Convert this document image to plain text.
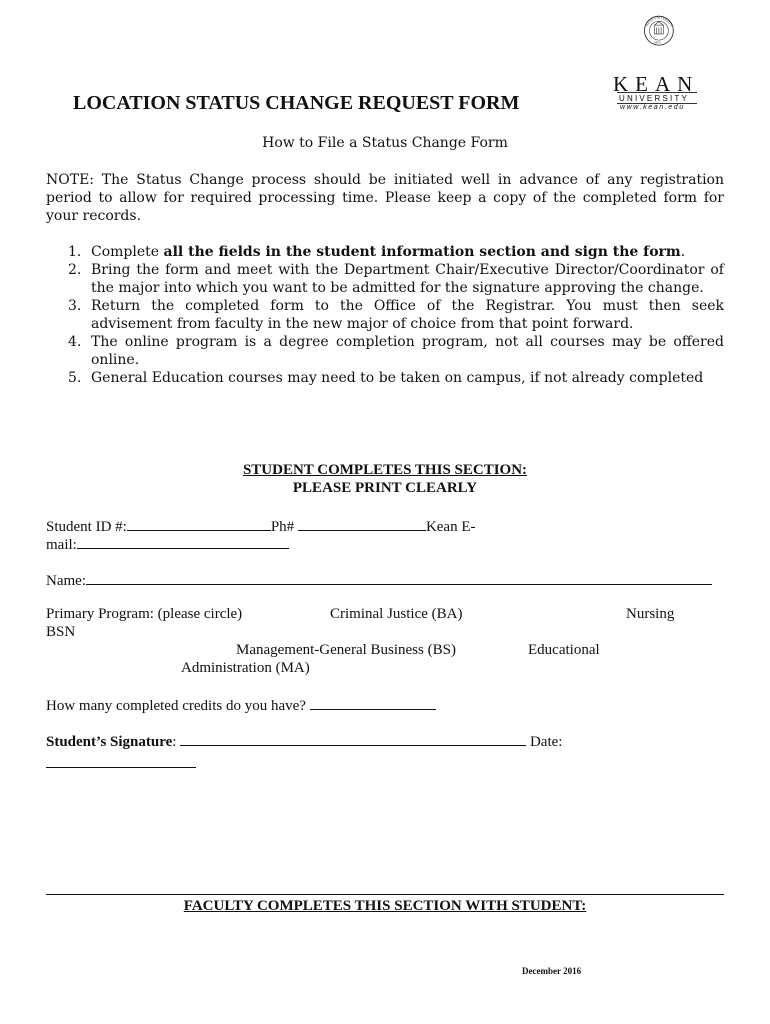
LOCATION STATUS CHANGE REQUEST FORM
KEAN UNIVERSITY
1855
KEAN
UNIVERSITY
www.kean.edu
How to File a Status Change Form
NOTE: The Status Change process should be initiated well in advance of any registration period to allow for required processing time. Please keep a copy of the completed form for your records.
1. Complete all the fields in the student information section and sign the form.
2. Bring the form and meet with the Department Chair/Executive Director/Coordinator of the major into which you want to be admitted for the signature approving the change.
3. Return the completed form to the Office of the Registrar. You must then seek advisement from faculty in the new major of choice from that point forward.
4. The online program is a degree completion program, not all courses may be offered online.
5. General Education courses may need to be taken on campus, if not already completed
STUDENT COMPLETES THIS SECTION:
PLEASE PRINT CLEARLY
Student ID #:	Ph#	Kean E-
mail:
Name:
Primary Program: (please circle)	Criminal Justice (BA)	Nursing
BSN
Management-General Business (BS)	Educational
Administration (MA)
How many completed credits do you have?
Student’s Signature:	Date:
FACULTY COMPLETES THIS SECTION WITH STUDENT:
December 2016
